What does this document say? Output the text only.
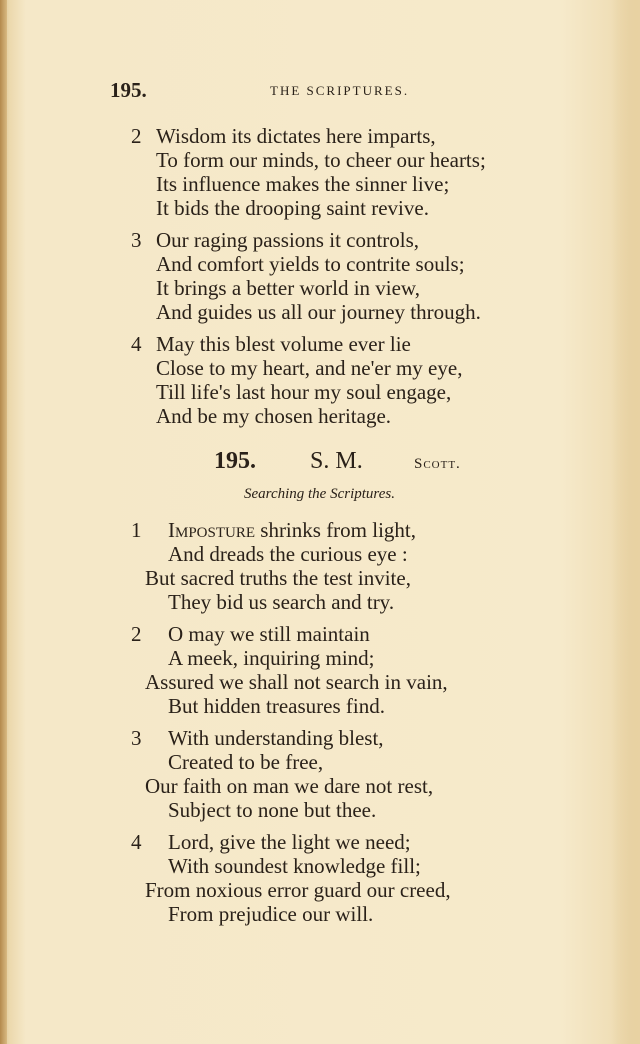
195.	THE SCRIPTURES.
2 Wisdom its dictates here imparts,
To form our minds, to cheer our hearts;
Its influence makes the sinner live;
It bids the drooping saint revive.
3 Our raging passions it controls,
And comfort yields to contrite souls;
It brings a better world in view,
And guides us all our journey through.
4 May this blest volume ever lie
Close to my heart, and ne'er my eye,
Till life's last hour my soul engage,
And be my chosen heritage.
195. S. M.	Scott.
Searching the Scriptures.
1 Imposture shrinks from light,
And dreads the curious eye :
But sacred truths the test invite,
They bid us search and try.
2 O may we still maintain
A meek, inquiring mind;
Assured we shall not search in vain,
But hidden treasures find.
3 With understanding blest,
Created to be free,
Our faith on man we dare not rest,
Subject to none but thee.
4 Lord, give the light we need;
With soundest knowledge fill;
From noxious error guard our creed,
From prejudice our will.
